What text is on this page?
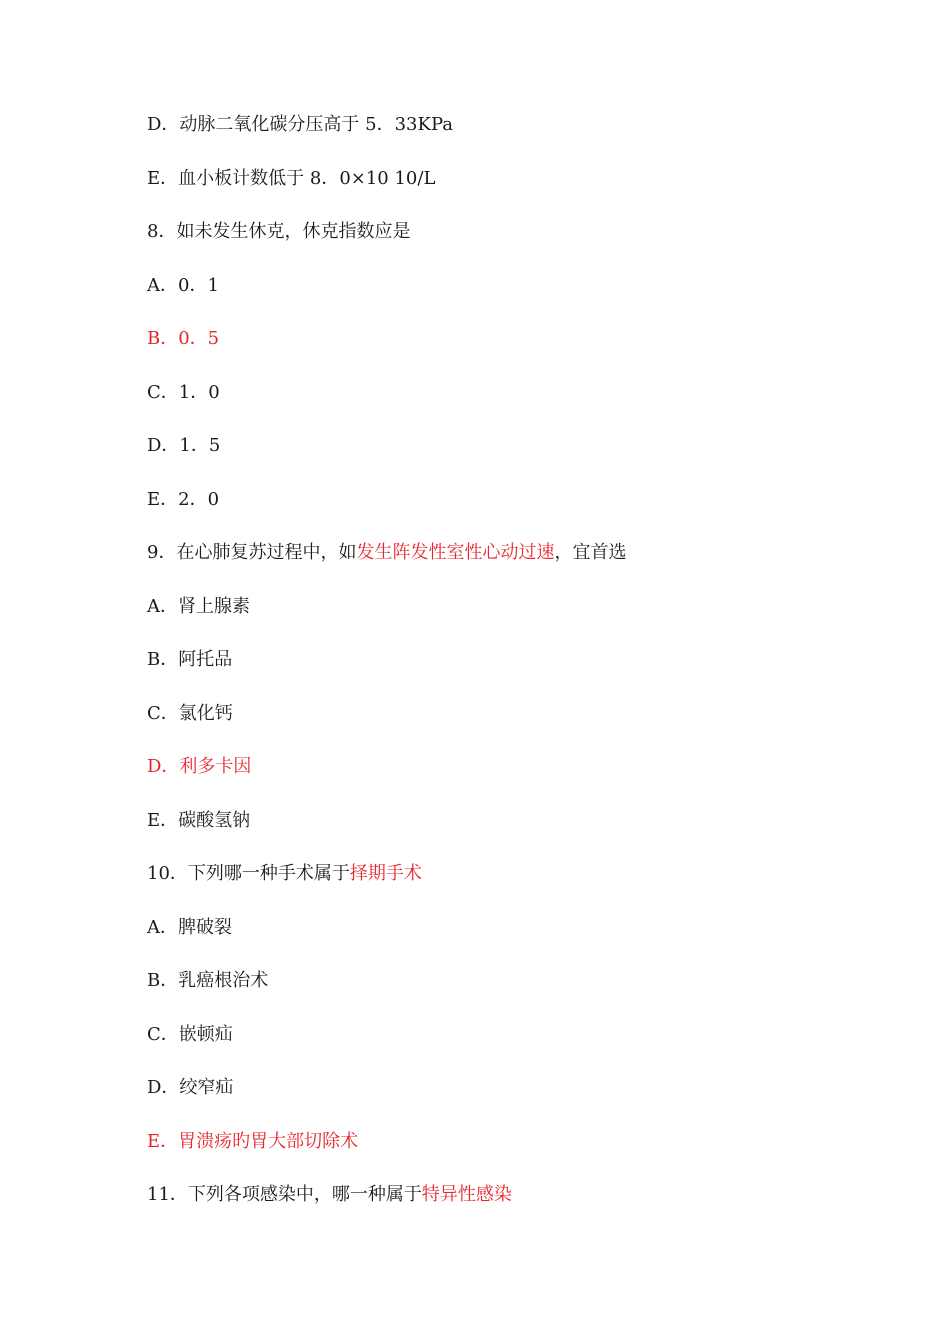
D．动脉二氧化碳分压高于 5．33KPa
E．血小板计数低于 8．0×10 10/L
8．如未发生休克，休克指数应是
A．0．1
B．0．5
C．1．0
D．1．5
E．2．0
9．在心肺复苏过程中，如发生阵发性室性心动过速，宜首选
A．肾上腺素
B．阿托品
C．氯化钙
D．利多卡因
E．碳酸氢钠
10．下列哪一种手术属于择期手术
A．脾破裂
B．乳癌根治术
C．嵌顿疝
D．绞窄疝
E．胃溃疡旳胃大部切除术
11．下列各项感染中，哪一种属于特异性感染
